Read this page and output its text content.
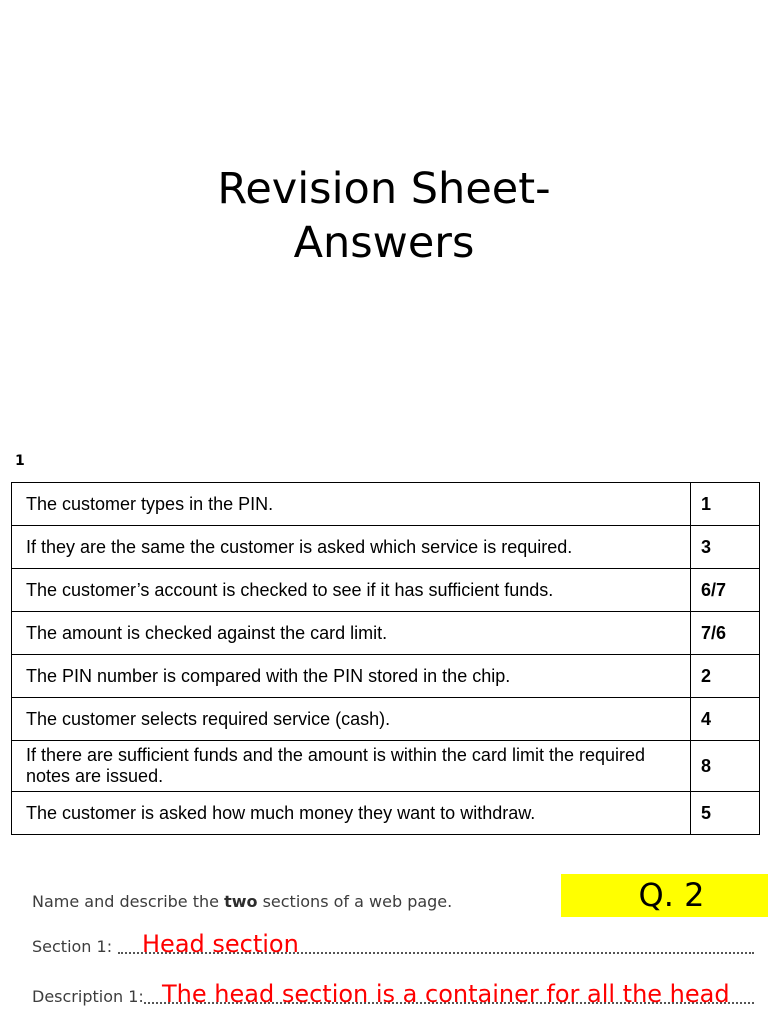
Revision Sheet-
Answers
1
The customer types in the PIN.	1
If they are the same the customer is asked which service is required.	3
The customer’s account is checked to see if it has sufficient funds.	6/7
The amount is checked against the card limit.	7/6
The PIN number is compared with the PIN stored in the chip.	2
The customer selects required service (cash).	4
If there are sufficient funds and the amount is within the card limit the required notes are issued.	8
The customer is asked how much money they want to withdraw.	5
Q. 2
Name and describe the two sections of a web page.
Section 1: Head section
Description 1: The head section is a container for all the head
